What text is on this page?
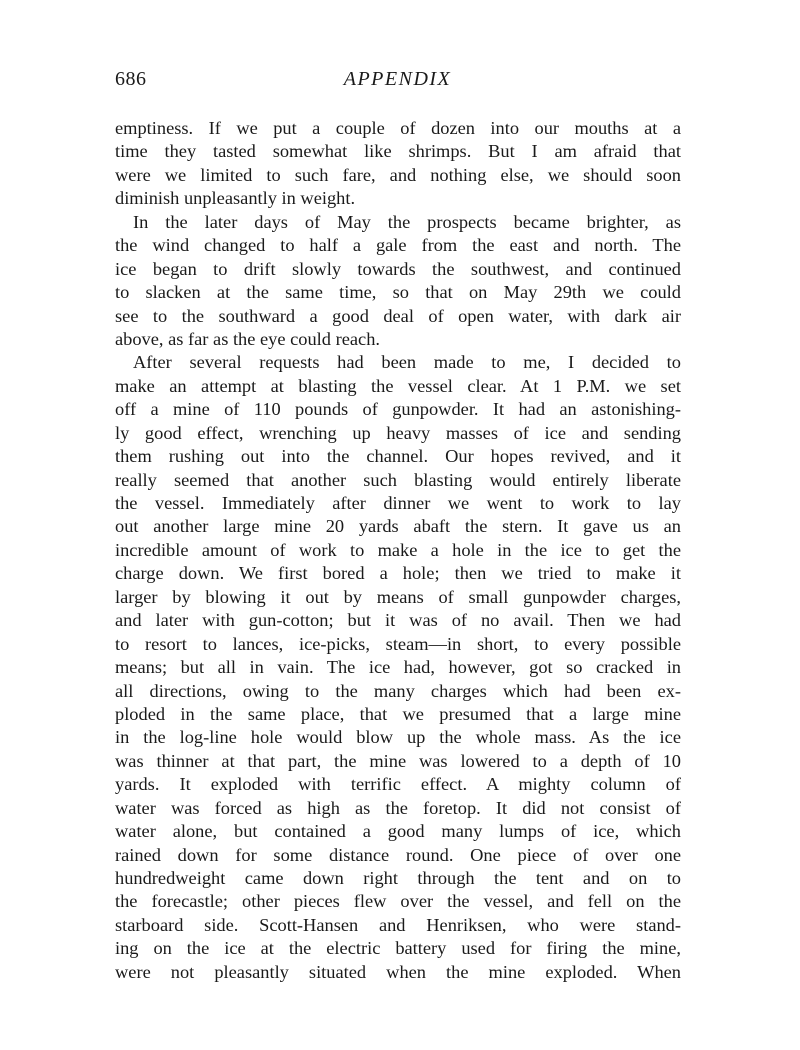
686	APPENDIX
emptiness. If we put a couple of dozen into our mouths at a
time they tasted somewhat like shrimps. But I am afraid that
were we limited to such fare, and nothing else, we should soon
diminish unpleasantly in weight.
In the later days of May the prospects became brighter, as
the wind changed to half a gale from the east and north. The
ice began to drift slowly towards the southwest, and continued
to slacken at the same time, so that on May 29th we could
see to the southward a good deal of open water, with dark air
above, as far as the eye could reach.
After several requests had been made to me, I decided to
make an attempt at blasting the vessel clear. At 1 P.M. we set
off a mine of 110 pounds of gunpowder. It had an astonishing-
ly good effect, wrenching up heavy masses of ice and sending
them rushing out into the channel. Our hopes revived, and it
really seemed that another such blasting would entirely liberate
the vessel. Immediately after dinner we went to work to lay
out another large mine 20 yards abaft the stern. It gave us an
incredible amount of work to make a hole in the ice to get the
charge down. We first bored a hole; then we tried to make it
larger by blowing it out by means of small gunpowder charges,
and later with gun-cotton; but it was of no avail. Then we had
to resort to lances, ice-picks, steam—in short, to every possible
means; but all in vain. The ice had, however, got so cracked in
all directions, owing to the many charges which had been ex-
ploded in the same place, that we presumed that a large mine
in the log-line hole would blow up the whole mass. As the ice
was thinner at that part, the mine was lowered to a depth of 10
yards. It exploded with terrific effect. A mighty column of
water was forced as high as the foretop. It did not consist of
water alone, but contained a good many lumps of ice, which
rained down for some distance round. One piece of over one
hundredweight came down right through the tent and on to
the forecastle; other pieces flew over the vessel, and fell on the
starboard side. Scott-Hansen and Henriksen, who were stand-
ing on the ice at the electric battery used for firing the mine,
were not pleasantly situated when the mine exploded. When
